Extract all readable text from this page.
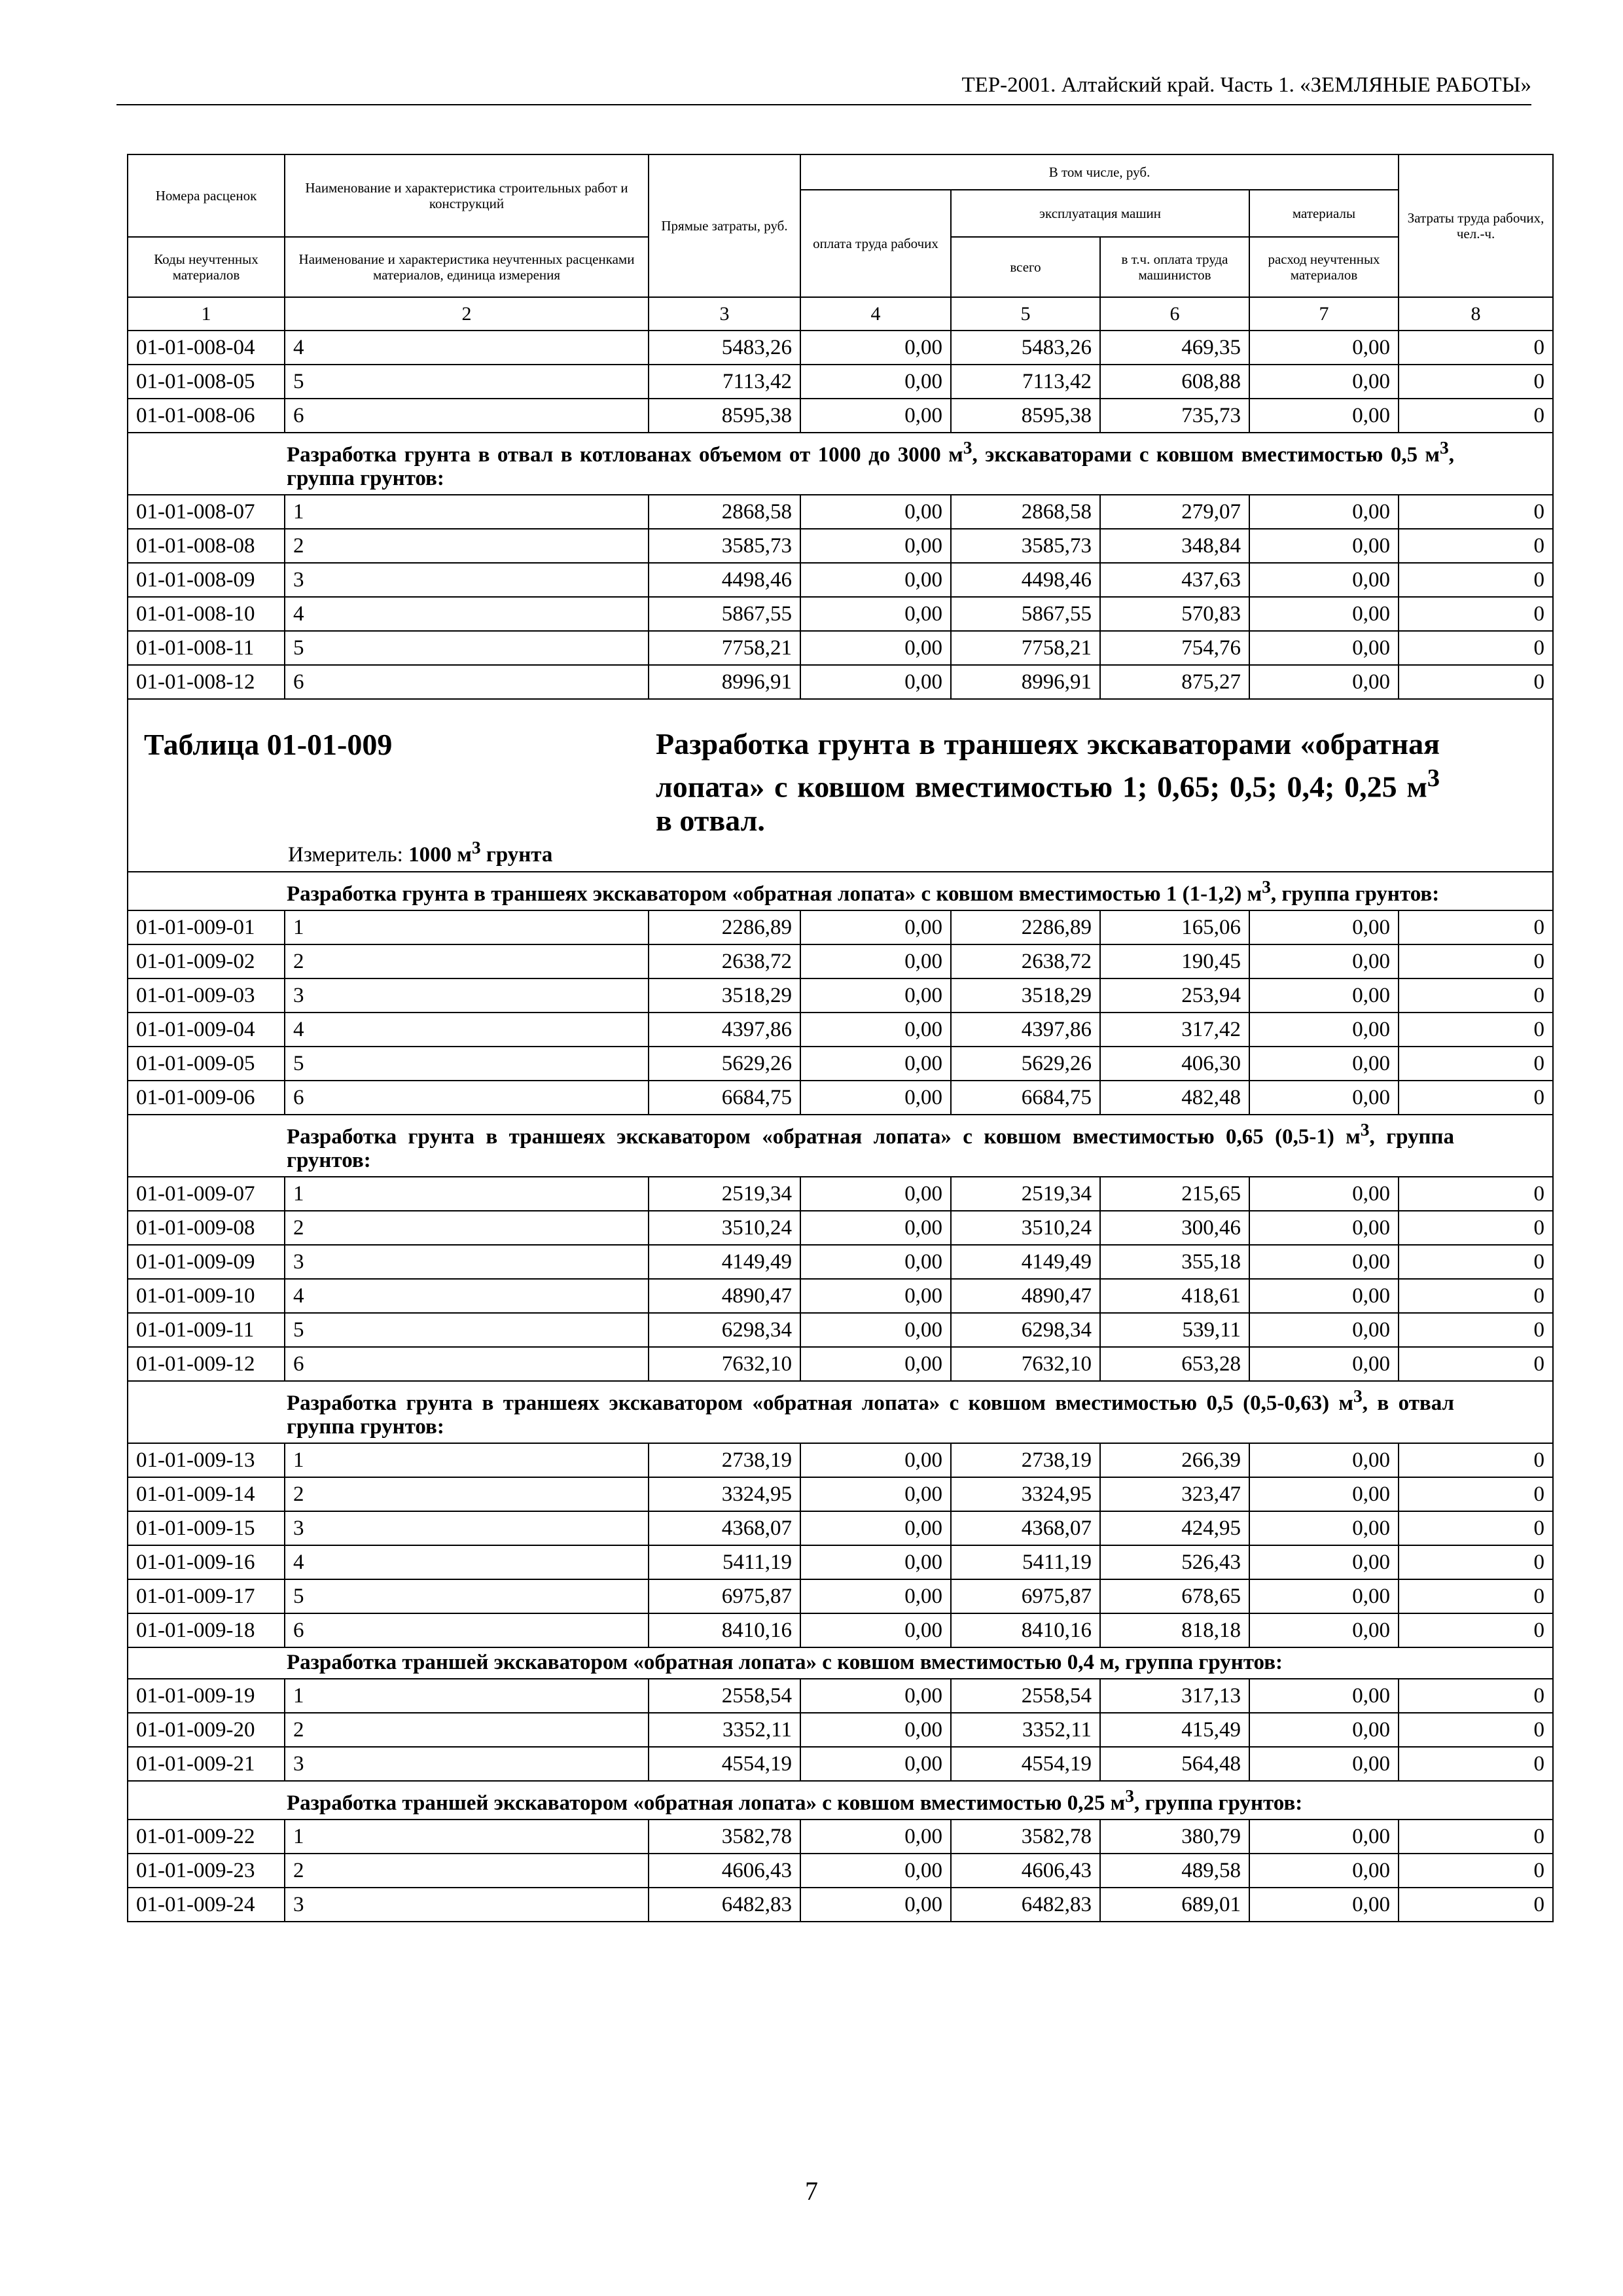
ТЕР-2001. Алтайский край. Часть 1. «ЗЕМЛЯНЫЕ РАБОТЫ»
Номера расценок	Наименование и характеристика строительных работ и конструкций	Прямые затраты, руб.	В том числе, руб.				Затраты труда рабочих, чел.-ч.
			оплата труда рабочих	эксплуатация машин		материалы	
Коды неучтенных материалов	Наименование и характеристика неучтенных расценками материалов, единица измерения			всего	в т.ч. оплата труда машинистов	расход неучтенных материалов	
1	2	3	4	5	6	7	8
01-01-008-04	4	5483,26	0,00	5483,26	469,35	0,00	0
01-01-008-05	5	7113,42	0,00	7113,42	608,88	0,00	0
01-01-008-06	6	8595,38	0,00	8595,38	735,73	0,00	0
Разработка грунта в отвал в котлованах объемом от 1000 до 3000 $м^3$, экскаваторами с ковшом вместимостью 0,5 $м^3$, группа грунтов:							
01-01-008-07	1	2868,58	0,00	2868,58	279,07	0,00	0
01-01-008-08	2	3585,73	0,00	3585,73	348,84	0,00	0
01-01-008-09	3	4498,46	0,00	4498,46	437,63	0,00	0
01-01-008-10	4	5867,55	0,00	5867,55	570,83	0,00	0
01-01-008-11	5	7758,21	0,00	7758,21	754,76	0,00	0
01-01-008-12	6	8996,91	0,00	8996,91	875,27	0,00	0

Таблица 01-01-009 Разработка грунта в траншеях экскаваторами «обратная лопата» с ковшом вместимостью 1; 0,65; 0,5; 0,4; 0,25 $м^3$ в отвал.
Измеритель: 1000 $м^3$ грунта							

Разработка грунта в траншеях экскаватором «обратная лопата» с ковшом вместимостью 1 (1-1,2) $м^3$, группа грунтов:							
01-01-009-01	1	2286,89	0,00	2286,89	165,06	0,00	0
01-01-009-02	2	2638,72	0,00	2638,72	190,45	0,00	0
01-01-009-03	3	3518,29	0,00	3518,29	253,94	0,00	0
01-01-009-04	4	4397,86	0,00	4397,86	317,42	0,00	0
01-01-009-05	5	5629,26	0,00	5629,26	406,30	0,00	0
01-01-009-06	6	6684,75	0,00	6684,75	482,48	0,00	0
Разработка грунта в траншеях экскаватором «обратная лопата» с ковшом вместимостью 0,65 (0,5-1) $м^3$, группа грунтов:							
01-01-009-07	1	2519,34	0,00	2519,34	215,65	0,00	0
01-01-009-08	2	3510,24	0,00	3510,24	300,46	0,00	0
01-01-009-09	3	4149,49	0,00	4149,49	355,18	0,00	0
01-01-009-10	4	4890,47	0,00	4890,47	418,61	0,00	0
01-01-009-11	5	6298,34	0,00	6298,34	539,11	0,00	0
01-01-009-12	6	7632,10	0,00	7632,10	653,28	0,00	0
Разработка грунта в траншеях экскаватором «обратная лопата» с ковшом вместимостью 0,5 (0,5-0,63) $м^3$, в отвал группа грунтов:							
01-01-009-13	1	2738,19	0,00	2738,19	266,39	0,00	0
01-01-009-14	2	3324,95	0,00	3324,95	323,47	0,00	0
01-01-009-15	3	4368,07	0,00	4368,07	424,95	0,00	0
01-01-009-16	4	5411,19	0,00	5411,19	526,43	0,00	0
01-01-009-17	5	6975,87	0,00	6975,87	678,65	0,00	0
01-01-009-18	6	8410,16	0,00	8410,16	818,18	0,00	0
Разработка траншей экскаватором «обратная лопата» с ковшом вместимостью 0,4 м, группа грунтов:							
01-01-009-19	1	2558,54	0,00	2558,54	317,13	0,00	0
01-01-009-20	2	3352,11	0,00	3352,11	415,49	0,00	0
01-01-009-21	3	4554,19	0,00	4554,19	564,48	0,00	0
Разработка траншей экскаватором «обратная лопата» с ковшом вместимостью 0,25 $м^3$, группа грунтов:							
01-01-009-22	1	3582,78	0,00	3582,78	380,79	0,00	0
01-01-009-23	2	4606,43	0,00	4606,43	489,58	0,00	0
01-01-009-24	3	6482,83	0,00	6482,83	689,01	0,00	0
7
